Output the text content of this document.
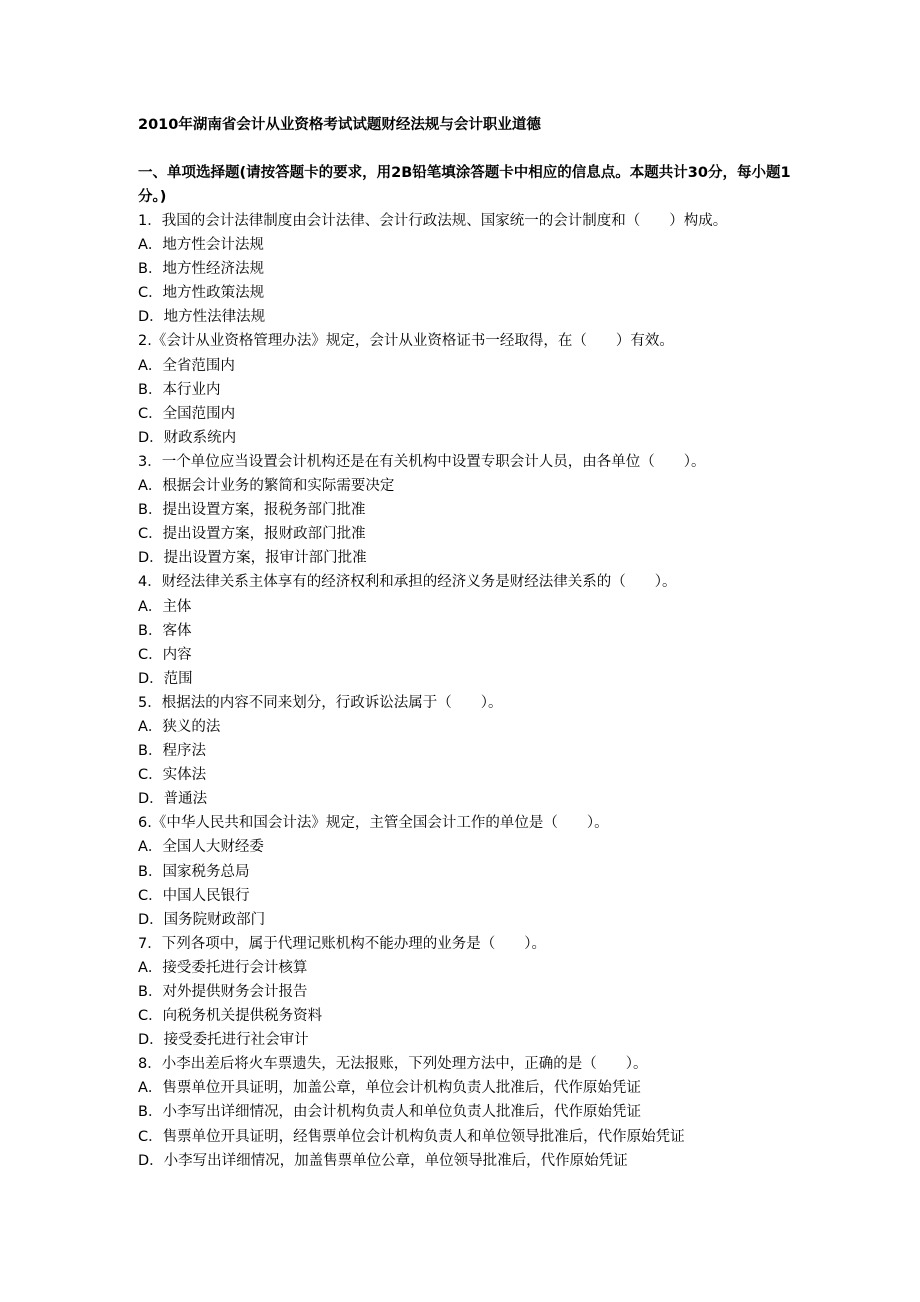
2010年湖南省会计从业资格考试试题财经法规与会计职业道德

一、单项选择题(请按答题卡的要求，用2B铅笔填涂答题卡中相应的信息点。本题共计30分，每小题1分。)

1．我国的会计法律制度由会计法律、会计行政法规、国家统一的会计制度和（　　）构成。

A．地方性会计法规

B．地方性经济法规

C．地方性政策法规

D．地方性法律法规

2.《会计从业资格管理办法》规定，会计从业资格证书一经取得，在（　　）有效。

A．全省范围内

B．本行业内

C．全国范围内

D．财政系统内

3．一个单位应当设置会计机构还是在有关机构中设置专职会计人员，由各单位（　　）。

A．根据会计业务的繁简和实际需要决定

B．提出设置方案，报税务部门批准

C．提出设置方案，报财政部门批准

D．提出设置方案，报审计部门批准

4．财经法律关系主体享有的经济权利和承担的经济义务是财经法律关系的（　　）。

A．主体

B．客体

C．内容

D．范围

5．根据法的内容不同来划分，行政诉讼法属于（　　）。

A．狭义的法

B．程序法

C．实体法

D．普通法

6.《中华人民共和国会计法》规定，主管全国会计工作的单位是（　　）。

A．全国人大财经委

B．国家税务总局

C．中国人民银行

D．国务院财政部门

7．下列各项中，属于代理记账机构不能办理的业务是（　　）。

A．接受委托进行会计核算

B．对外提供财务会计报告

C．向税务机关提供税务资料

D．接受委托进行社会审计

8．小李出差后将火车票遗失，无法报账，下列处理方法中，正确的是（　　）。

A．售票单位开具证明，加盖公章，单位会计机构负责人批准后，代作原始凭证

B．小李写出详细情况，由会计机构负责人和单位负责人批准后，代作原始凭证

C．售票单位开具证明，经售票单位会计机构负责人和单位领导批准后，代作原始凭证

D．小李写出详细情况，加盖售票单位公章，单位领导批准后，代作原始凭证
